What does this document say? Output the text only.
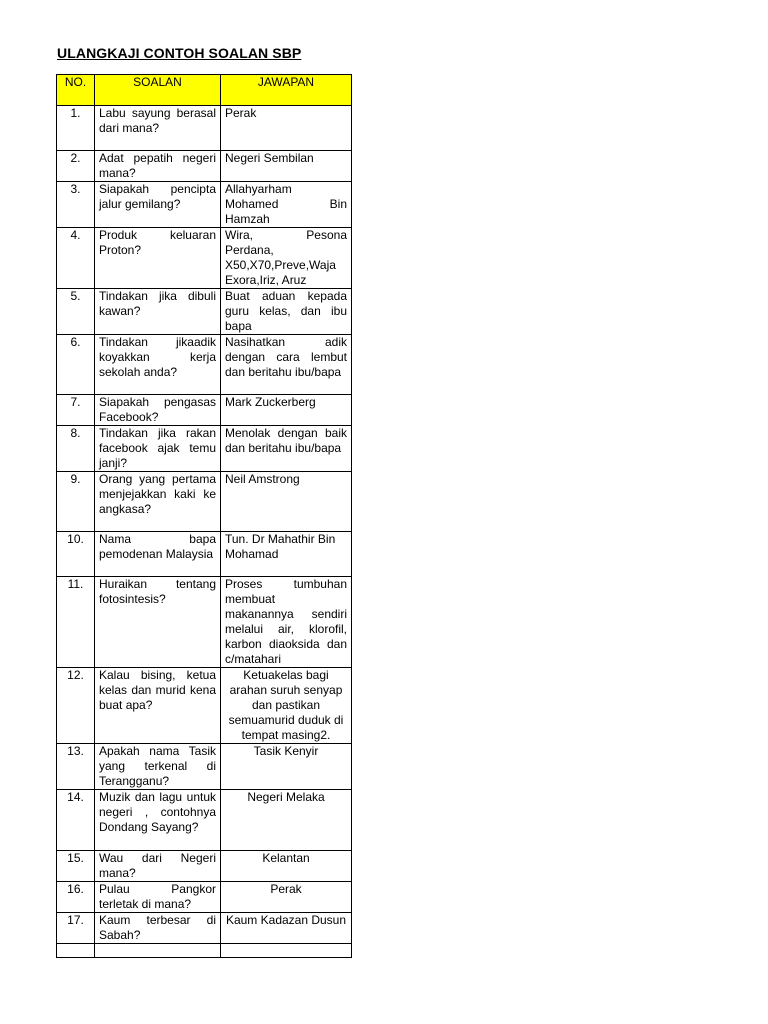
ULANGKAJI CONTOH SOALAN SBP
NO.	SOALAN	JAWAPAN
1.	Labu sayung berasal dari mana?	Perak
2.	Adat pepatih negeri mana?	Negeri Sembilan
3.	Siapakah pencipta jalur gemilang?	Allahyarham Mohamed Bin Hamzah
4.	Produk keluaran Proton?	Wira, Pesona Perdana, X50,X70,Preve,Waja Exora,Iriz, Aruz
5.	Tindakan jika dibuli kawan?	Buat aduan kepada guru kelas, dan ibu bapa
6.	Tindakan jikaadik koyakkan kerja sekolah anda?	Nasihatkan adik dengan cara lembut dan beritahu ibu/bapa
7.	Siapakah pengasas Facebook?	Mark Zuckerberg
8.	Tindakan jika rakan facebook ajak temu janji?	Menolak dengan baik dan beritahu ibu/bapa
9.	Orang yang pertama menjejakkan kaki ke angkasa?	Neil Amstrong
10.	Nama bapa pemodenan Malaysia	Tun. Dr Mahathir Bin Mohamad
11.	Huraikan tentang fotosintesis?	Proses tumbuhan membuat makanannya sendiri melalui air, klorofil, karbon diaoksida dan c/matahari
12.	Kalau bising, ketua kelas dan murid kena buat apa?	Ketuakelas bagi arahan suruh senyap dan pastikan semuamurid duduk di tempat masing2.
13.	Apakah nama Tasik yang terkenal di Terangganu?	Tasik Kenyir
14.	Muzik dan lagu untuk negeri , contohnya Dondang Sayang?	Negeri Melaka
15.	Wau dari Negeri mana?	Kelantan
16.	Pulau Pangkor terletak di mana?	Perak
17.	Kaum terbesar di Sabah?	Kaum Kadazan Dusun
